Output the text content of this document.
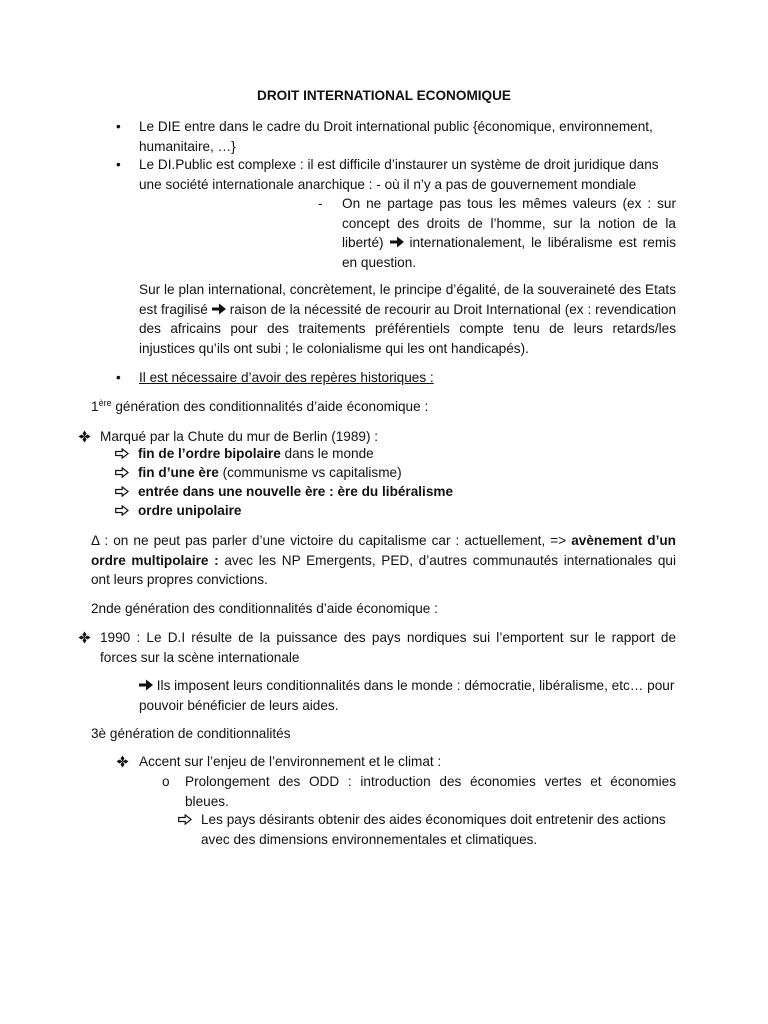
DROIT INTERNATIONAL ECONOMIQUE
• Le DIE entre dans le cadre du Droit international public {économique, environnement, humanitaire, …}
• Le DI.Public est complexe : il est difficile d’instaurer un système de droit juridique dans une société internationale anarchique : - où il n’y a pas de gouvernement mondiale
- On ne partage pas tous les mêmes valeurs (ex : sur concept des droits de l’homme, sur la notion de la liberté) internationalement, le libéralisme est remis en question.
Sur le plan international, concrètement, le principe d’égalité, de la souveraineté des Etats est fragilisé raison de la nécessité de recourir au Droit International (ex : revendication des africains pour des traitements préférentiels compte tenu de leurs retards/les injustices qu’ils ont subi ; le colonialisme qui les ont handicapés).
• Il est nécessaire d’avoir des repères historiques :
1ère génération des conditionnalités d’aide économique :
Marqué par la Chute du mur de Berlin (1989) :
fin de l’ordre bipolaire dans le monde
fin d’une ère (communisme vs capitalisme)
entrée dans une nouvelle ère : ère du libéralisme
ordre unipolaire
Δ : on ne peut pas parler d’une victoire du capitalisme car : actuellement, => avènement d’un ordre multipolaire : avec les NP Emergents, PED, d’autres communautés internationales qui ont leurs propres convictions.
2nde génération des conditionnalités d’aide économique :
1990 : Le D.I résulte de la puissance des pays nordiques sui l’emportent sur le rapport de forces sur la scène internationale
Ils imposent leurs conditionnalités dans le monde : démocratie, libéralisme, etc… pour pouvoir bénéficier de leurs aides.
3è génération de conditionnalités
Accent sur l’enjeu de l’environnement et le climat :
o Prolongement des ODD : introduction des économies vertes et économies bleues.
Les pays désirants obtenir des aides économiques doit entretenir des actions avec des dimensions environnementales et climatiques.
